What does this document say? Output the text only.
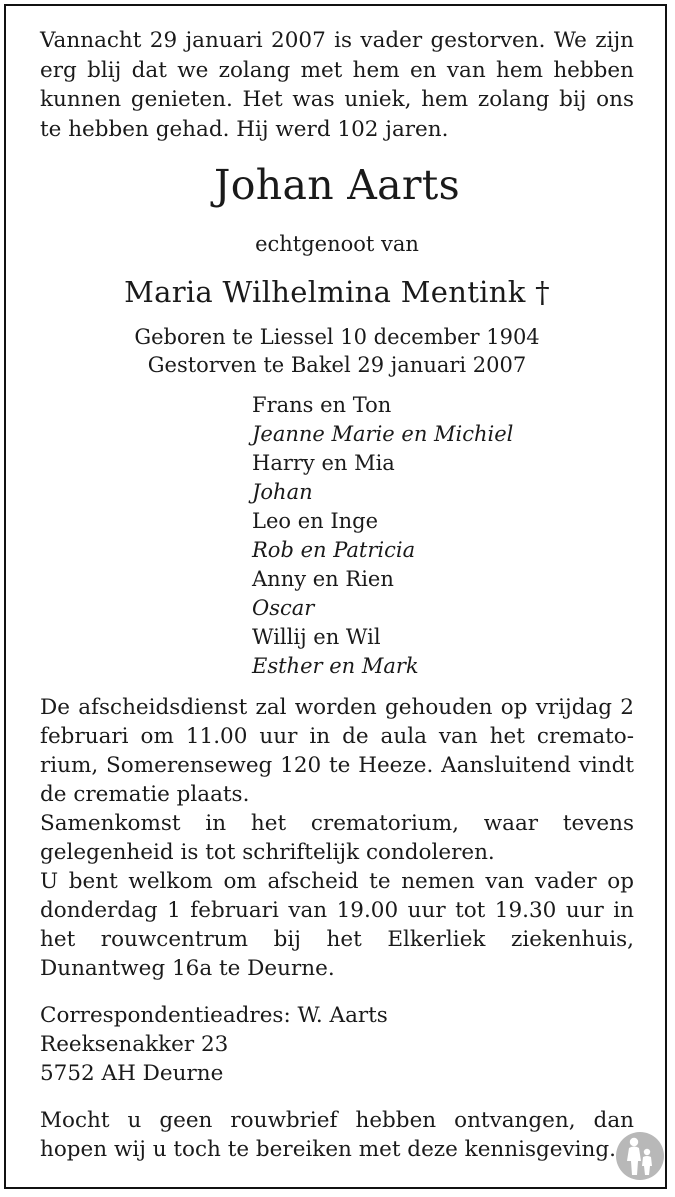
Vannacht 29 januari 2007 is vader gestorven. We zijn erg blij dat we zolang met hem en van hem hebben kunnen genieten. Het was uniek, hem zolang bij ons te hebben gehad. Hij werd 102 jaren.

Johan Aarts
echtgenoot van
Maria Wilhelmina Mentink †
Geboren te Liessel 10 december 1904
Gestorven te Bakel 29 januari 2007
Frans en Ton
Jeanne Marie en Michiel
Harry en Mia
Johan
Leo en Inge
Rob en Patricia
Anny en Rien
Oscar
Willij en Wil
Esther en Mark

De afscheidsdienst zal worden gehouden op vrijdag 2 februari om 11.00 uur in de aula van het crematorium, Somerenseweg 120 te Heeze. Aansluitend vindt de crematie plaats.

Samenkomst in het crematorium, waar tevens gelegenheid is tot schriftelijk condoleren.

U bent welkom om afscheid te nemen van vader op donderdag 1 februari van 19.00 uur tot 19.30 uur in het rouwcentrum bij het Elkerliek ziekenhuis, Dunantweg 16a te Deurne.

Correspondentieadres: W. Aarts
Reeksenakker 23
5752 AH Deurne

Mocht u geen rouwbrief hebben ontvangen, dan hopen wij u toch te bereiken met deze kennisgeving.
